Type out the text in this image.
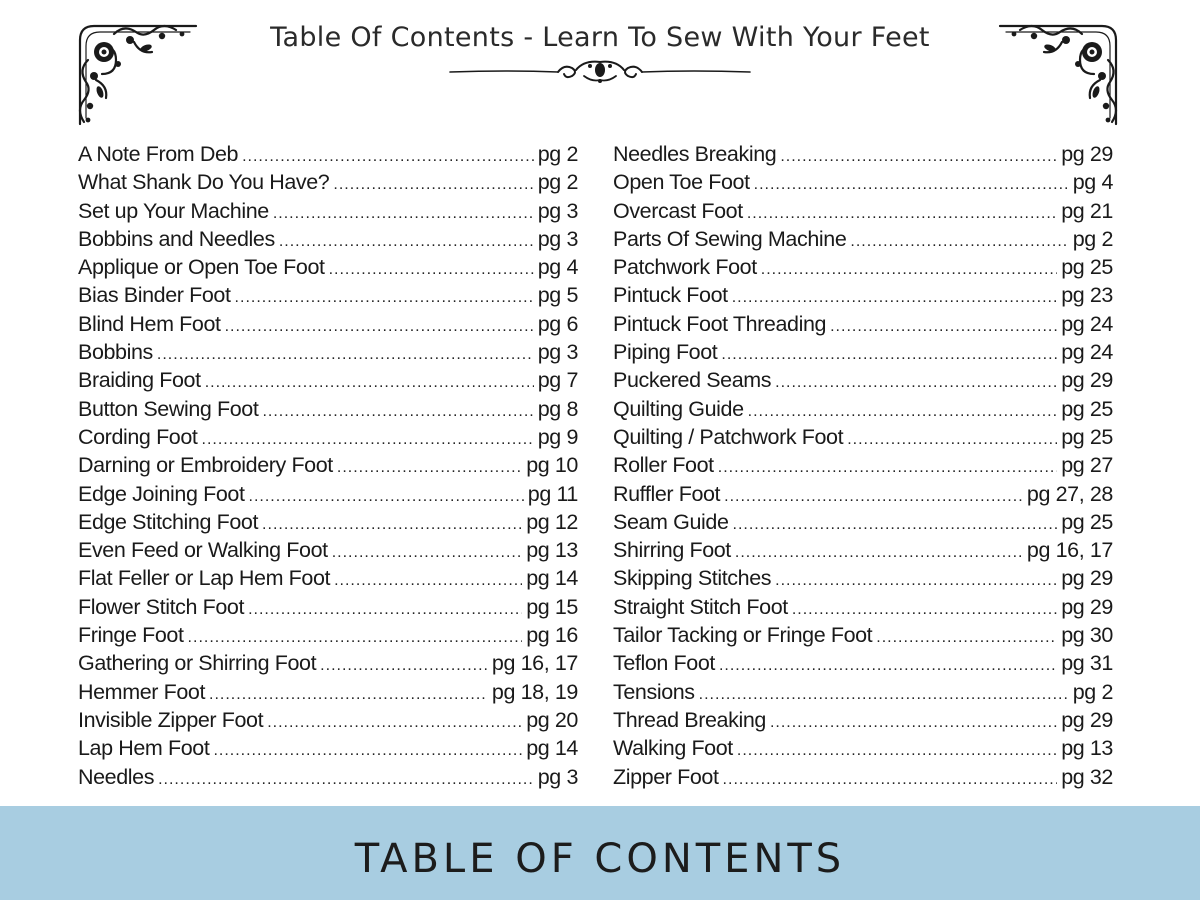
Table Of Contents - Learn To Sew With Your Feet
A Note From Deb .....	pg 2
What Shank Do You Have? .....	pg 2
Set up Your Machine .....	pg 3
Bobbins and Needles .....	pg 3
Applique or Open Toe Foot .....	pg 4
Bias Binder Foot .....	pg 5
Blind Hem Foot .....	pg 6
Bobbins .....	pg 3
Braiding Foot .....	pg 7
Button Sewing Foot .....	pg 8
Cording Foot .....	pg 9
Darning or Embroidery Foot .....	pg 10
Edge Joining Foot .....	pg 11
Edge Stitching Foot .....	pg 12
Even Feed or Walking Foot .....	pg 13
Flat Feller or Lap Hem Foot .....	pg 14
Flower Stitch Foot .....	pg 15
Fringe Foot .....	pg 16
Gathering or Shirring Foot .....	pg 16, 17
Hemmer Foot .....	pg 18, 19
Invisible Zipper Foot .....	pg 20
Lap Hem Foot .....	pg 14
Needles .....	pg 3
Needles Breaking .....	pg 29
Open Toe Foot .....	pg 4
Overcast Foot .....	pg 21
Parts Of Sewing Machine .....	pg 2
Patchwork Foot .....	pg 25
Pintuck Foot .....	pg 23
Pintuck Foot Threading .....	pg 24
Piping Foot .....	pg 24
Puckered Seams .....	pg 29
Quilting Guide .....	pg 25
Quilting / Patchwork Foot .....	pg 25
Roller Foot .....	pg 27
Ruffler Foot .....	pg 27, 28
Seam Guide .....	pg 25
Shirring Foot .....	pg 16, 17
Skipping Stitches .....	pg 29
Straight Stitch Foot .....	pg 29
Tailor Tacking or Fringe Foot .....	pg 30
Teflon Foot .....	pg 31
Tensions .....	pg 2
Thread Breaking .....	pg 29
Walking Foot .....	pg 13
Zipper Foot .....	pg 32
TABLE OF CONTENTS
